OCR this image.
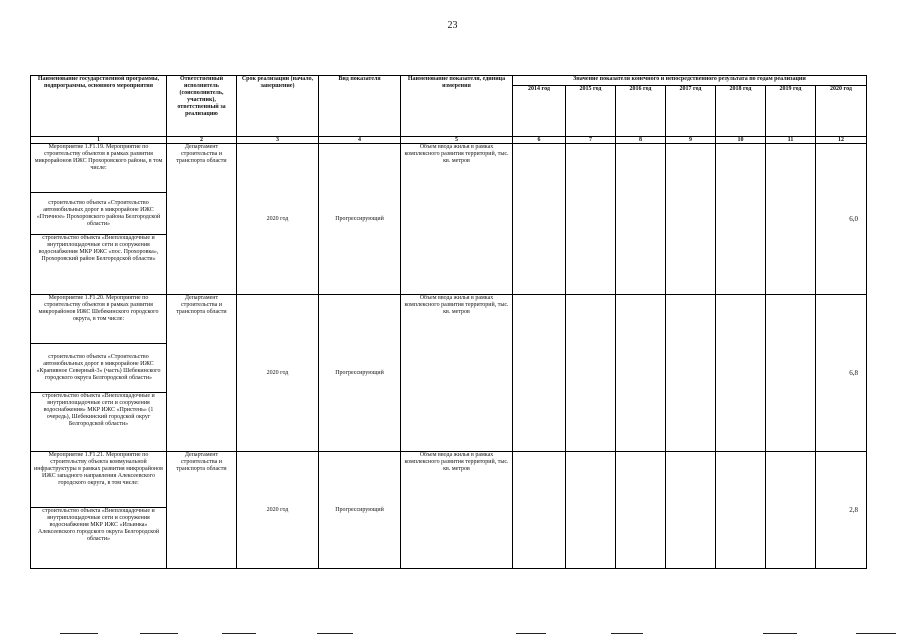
23
Наименование государственной программы, подпрограммы, основного мероприятия	Ответственный исполнитель (соисполнитель, участник), ответственный за реализацию	Срок реализации (начало, завершение)	Вид показателя	Наименование показателя, единица измерения	Значение показателя конечного и непосредственного результата по годам реализации						
					2014 год	2015 год	2016 год	2017 год	2018 год	2019 год	2020 год
1	2	3	4	5	6	7	8	9	10	11	12
Мероприятие 1.F1.19. Мероприятие по строительству объектов в рамках развития микрорайонов ИЖС Прохоровского района, в том числе:	Департамент строительства и транспорта области	2020 год	Прогрессирующий	Объем ввода жилья в рамках комплексного развития территорий, тыс. кв. метров							6,0
строительство объекта «Строительство автомобильных дорог в микрорайоне ИЖС «Птичное» Прохоровского района Белгородской области»											
строительство объекта «Внеплощадочные и внутриплощадочные сети и сооружения водоснабжения МКР ИЖС «пос. Прохоровка», Прохоровский район Белгородской области»											
Мероприятие 1.F1.20. Мероприятие по строительству объектов в рамках развития микрорайонов ИЖС Шебекинского городского округа, в том числе:	Департамент строительства и транспорта области	2020 год	Прогрессирующий	Объем ввода жилья в рамках комплексного развития территорий, тыс. кв. метров							6,8
строительство объекта «Строительство автомобильных дорог в микрорайоне ИЖС «Крапивное Северный-3» (часть) Шебекинского городского округа Белгородской области»											
строительство объекта «Внеплощадочные и внутриплощадочные сети и сооружения водоснабжения» МКР ИЖС «Пристень» (1 очередь), Шебекинский городской округ Белгородской области»											
Мероприятие 1.F1.21. Мероприятие по строительству объекта коммунальной инфраструктуры в рамках развития микрорайонов ИЖС западного направления Алексеевского городского округа, в том числе:	Департамент строительства и транспорта области	2020 год	Прогрессирующий	Объем ввода жилья в рамках комплексного развития территорий, тыс. кв. метров							2,8
строительство объекта «Внеплощадочные и внутриплощадочные сети и сооружения водоснабжения МКР ИЖС «Ильинка» Алексеевского городского округа Белгородской области»											
